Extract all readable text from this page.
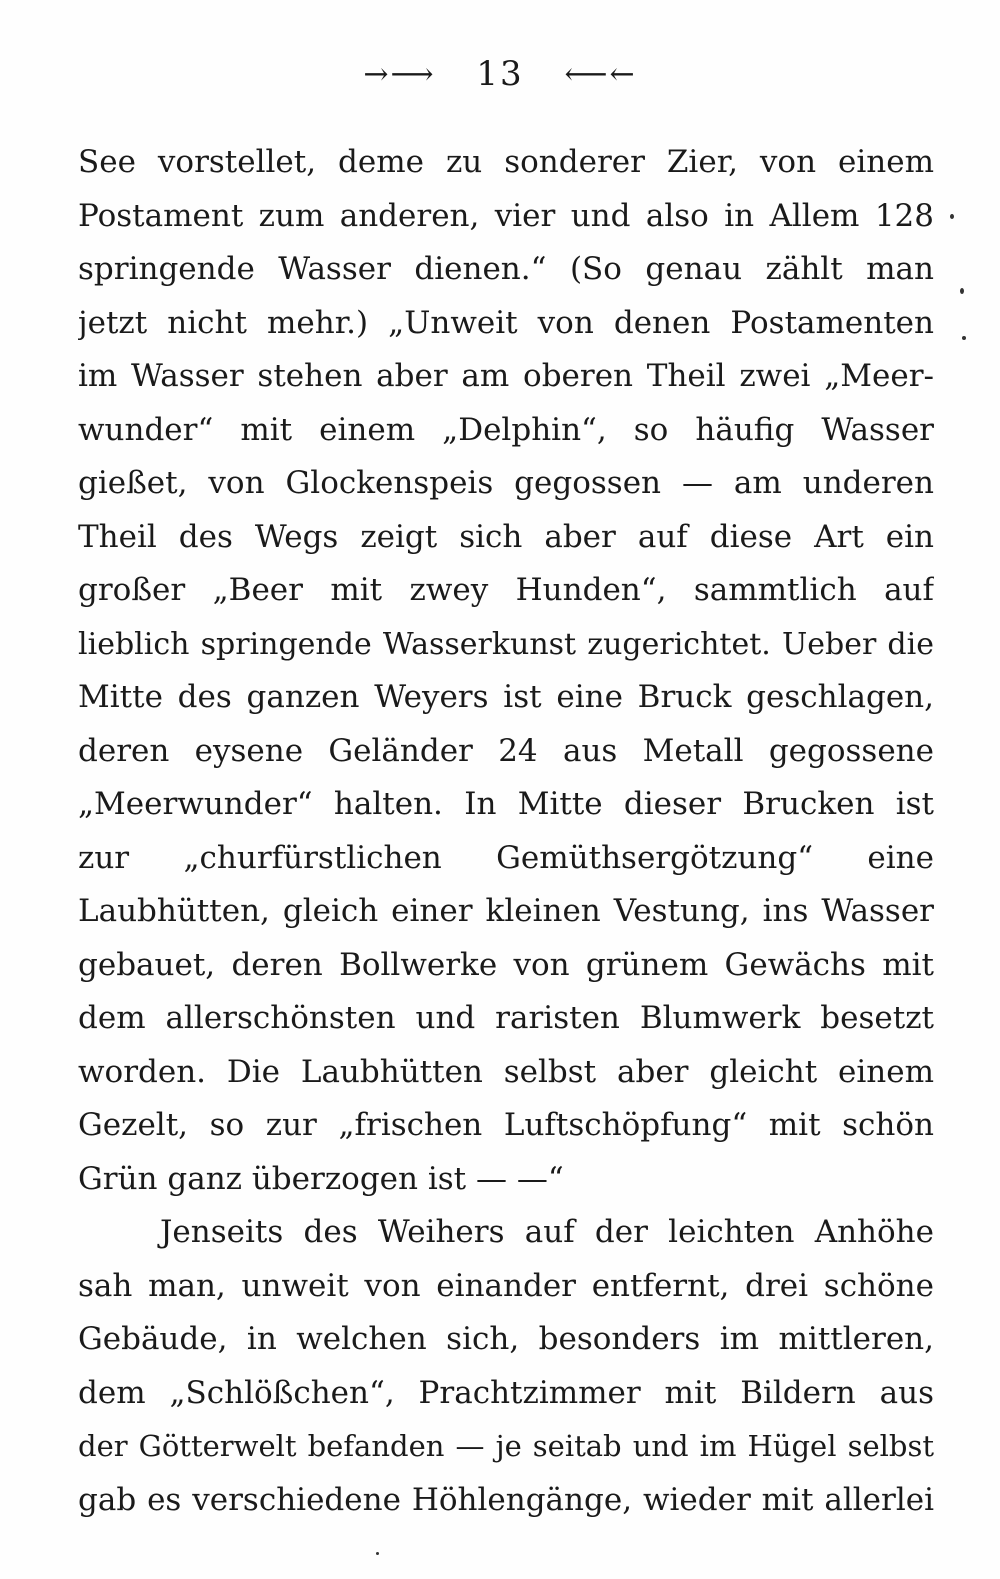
→⟶ 13 ⟵←
See vorstellet, deme zu sonderer Zier, von einem
Postament zum anderen, vier und also in Allem 128
springende Wasser dienen.“ (So genau zählt man
jetzt nicht mehr.) „Unweit von denen Postamenten
im Wasser stehen aber am oberen Theil zwei „Meer-
wunder“ mit einem „Delphin“, so häufig Wasser
gießet, von Glockenspeis gegossen — am underen
Theil des Wegs zeigt sich aber auf diese Art ein
großer „Beer mit zwey Hunden“, sammtlich auf
lieblich springende Wasserkunst zugerichtet. Ueber die
Mitte des ganzen Weyers ist eine Bruck geschlagen,
deren eysene Geländer 24 aus Metall gegossene
„Meerwunder“ halten. In Mitte dieser Brucken ist
zur „churfürstlichen Gemüthsergötzung“ eine
Laubhütten, gleich einer kleinen Vestung, ins Wasser
gebauet, deren Bollwerke von grünem Gewächs mit
dem allerschönsten und raristen Blumwerk besetzt
worden. Die Laubhütten selbst aber gleicht einem
Gezelt, so zur „frischen Luftschöpfung“ mit schön
Grün ganz überzogen ist — —“
Jenseits des Weihers auf der leichten Anhöhe
sah man, unweit von einander entfernt, drei schöne
Gebäude, in welchen sich, besonders im mittleren,
dem „Schlößchen“, Prachtzimmer mit Bildern aus
der Götterwelt befanden — je seitab und im Hügel selbst
gab es verschiedene Höhlengänge, wieder mit allerlei
